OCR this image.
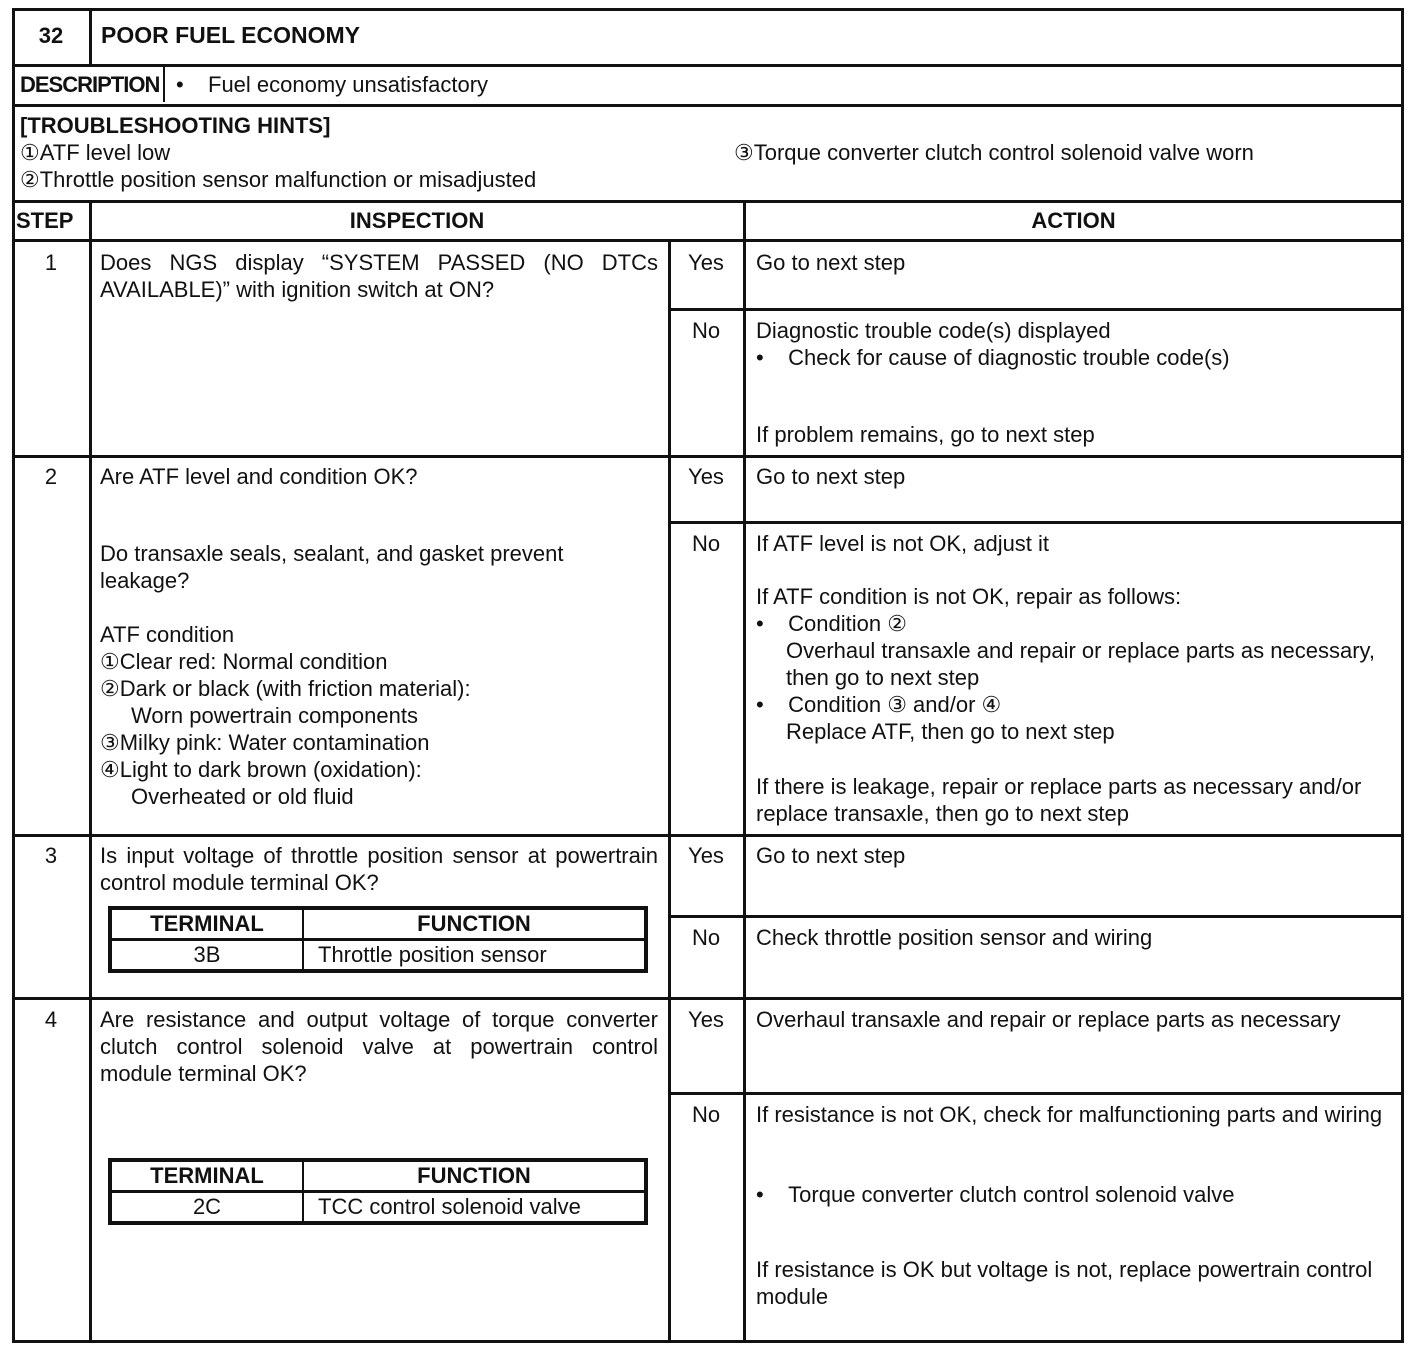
32	POOR FUEL ECONOMY
DESCRIPTION • Fuel economy unsatisfactory
[TROUBLESHOOTING HINTS]
①ATF level low
②Throttle position sensor malfunction or misadjusted
③Torque converter clutch control solenoid valve worn
STEP	INSPECTION	ACTION
1	Does NGS display “SYSTEM PASSED (NO DTCs AVAILABLE)” with ignition switch at ON?
Yes	Go to next step
No	Diagnostic trouble code(s) displayed
•    Check for cause of diagnostic trouble code(s)
If problem remains, go to next step
2	Are ATF level and condition OK?
Do transaxle seals, sealant, and gasket prevent leakage?
ATF condition
①Clear red: Normal condition
②Dark or black (with friction material):
Worn powertrain components
③Milky pink: Water contamination
④Light to dark brown (oxidation):
Overheated or old fluid
Yes	Go to next step
No	If ATF level is not OK, adjust it
If ATF condition is not OK, repair as follows:
•    Condition ②
Overhaul transaxle and repair or replace parts as necessary, then go to next step
•    Condition ③ and/or ④
Replace ATF, then go to next step
If there is leakage, repair or replace parts as necessary and/or replace transaxle, then go to next step
3	Is input voltage of throttle position sensor at powertrain control module terminal OK?
TERMINAL	FUNCTION
3B	Throttle position sensor
Yes	Go to next step
No	Check throttle position sensor and wiring
4	Are resistance and output voltage of torque converter clutch control solenoid valve at powertrain control module terminal OK?
TERMINAL	FUNCTION
2C	TCC control solenoid valve
Yes	Overhaul transaxle and repair or replace parts as necessary
No	If resistance is not OK, check for malfunctioning parts and wiring
•    Torque converter clutch control solenoid valve
If resistance is OK but voltage is not, replace powertrain control module
